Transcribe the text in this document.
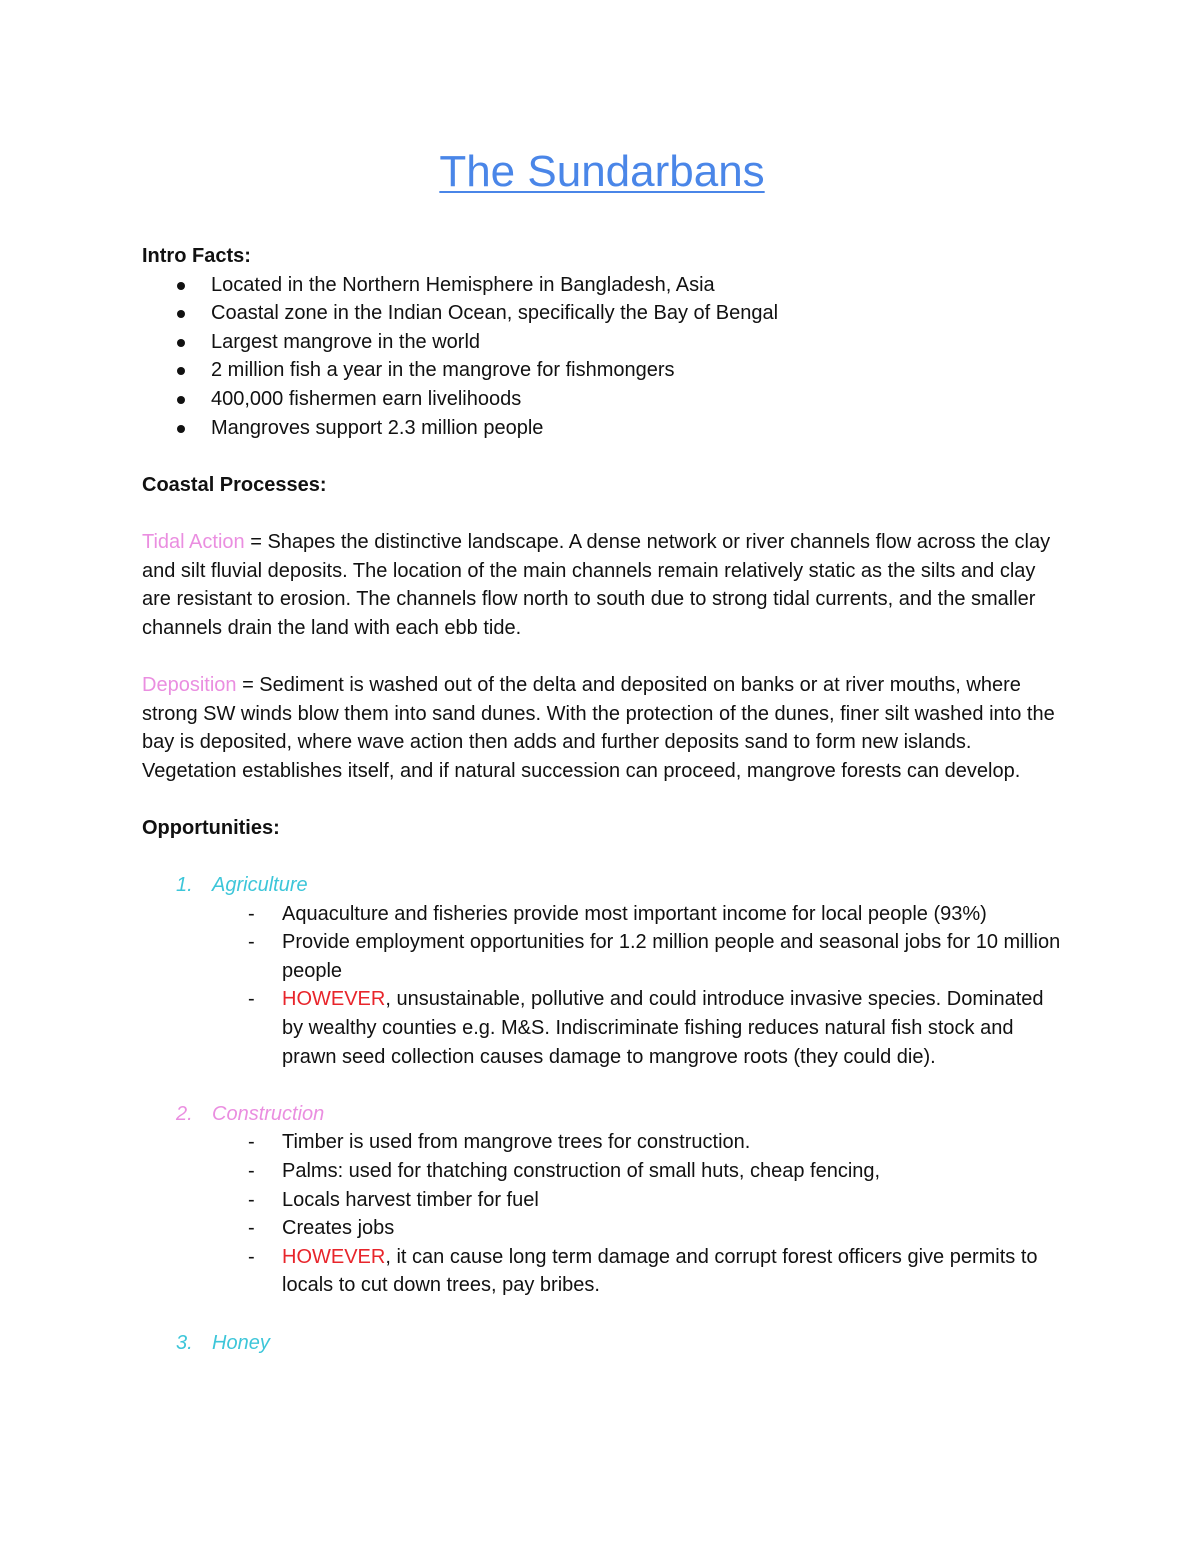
The Sundarbans

Intro Facts:

Located in the Northern Hemisphere in Bangladesh, Asia
Coastal zone in the Indian Ocean, specifically the Bay of Bengal
Largest mangrove in the world
2 million fish a year in the mangrove for fishmongers
400,000 fishermen earn livelihoods
Mangroves support 2.3 million people

Coastal Processes:

Tidal Action = Shapes the distinctive landscape. A dense network or river channels flow across the clay and silt fluvial deposits. The location of the main channels remain relatively static as the silts and clay are resistant to erosion. The channels flow north to south due to strong tidal currents, and the smaller channels drain the land with each ebb tide.

Deposition = Sediment is washed out of the delta and deposited on banks or at river mouths, where strong SW winds blow them into sand dunes. With the protection of the dunes, finer silt washed into the bay is deposited, where wave action then adds and further deposits sand to form new islands. Vegetation establishes itself, and if natural succession can proceed, mangrove forests can develop.

Opportunities:

1. Agriculture
- Aquaculture and fisheries provide most important income for local people (93%)
- Provide employment opportunities for 1.2 million people and seasonal jobs for 10 million people
- HOWEVER, unsustainable, pollutive and could introduce invasive species. Dominated by wealthy counties e.g. M&S. Indiscriminate fishing reduces natural fish stock and prawn seed collection causes damage to mangrove roots (they could die).
2. Construction
- Timber is used from mangrove trees for construction.
- Palms: used for thatching construction of small huts, cheap fencing,
- Locals harvest timber for fuel
- Creates jobs
- HOWEVER, it can cause long term damage and corrupt forest officers give permits to locals to cut down trees, pay bribes.
3. Honey
